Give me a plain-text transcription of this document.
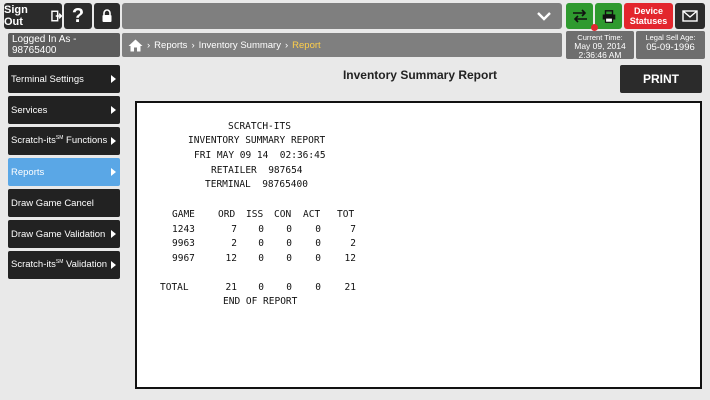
Sign Out	?	Device
Statuses
Logged In As - 98765400	› Reports › Inventory Summary › Report
Current Time:
May 09, 2014
2:36:46 AM
Legal Sell Age:
05-09-1996
Terminal Settings
Services
Scratch-its℠ Functions
Reports
Draw Game Cancel
Draw Game Validation
Scratch-its℠ Validation
Inventory Summary Report	PRINT
SCRATCH-ITS
INVENTORY SUMMARY REPORT
FRI MAY 09 14  02:36:45
RETAILER  987654
TERMINAL  98765400
GAME ORD ISS CON ACT TOT
1243	7	0	0	0	7
9963	2	0	0	0	2
9967	12	0	0	0	12
TOTAL	21	0	0	0	21
END OF REPORT
